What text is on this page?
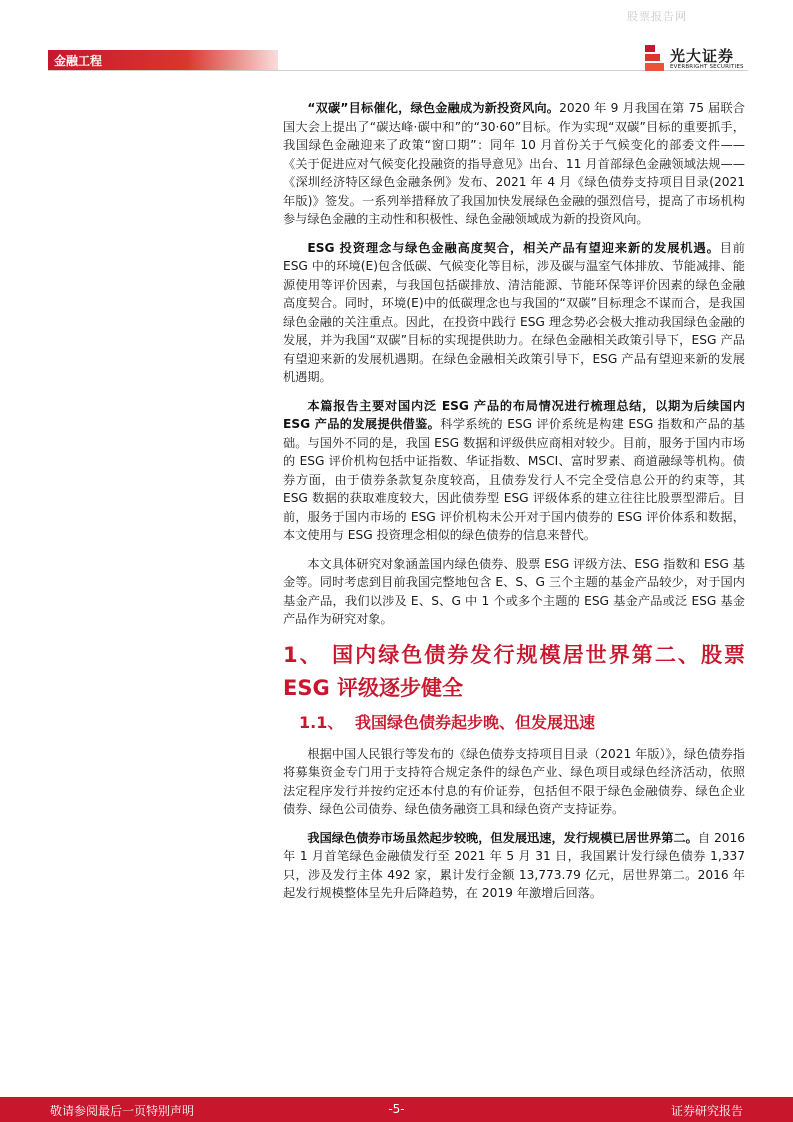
股票报告网
金融工程	光大证券
EVERBRIGHT SECURITIES

“双碳”目标催化，绿色金融成为新投资风向。2020 年 9 月我国在第 75 届联合国大会上提出了“碳达峰·碳中和”的“30·60”目标。作为实现“双碳”目标的重要抓手，我国绿色金融迎来了政策“窗口期”：同年 10 月首份关于气候变化的部委文件——《关于促进应对气候变化投融资的指导意见》出台、11 月首部绿色金融领域法规——《深圳经济特区绿色金融条例》发布、2021 年 4 月《绿色债券支持项目目录(2021 年版)》签发。一系列举措释放了我国加快发展绿色金融的强烈信号，提高了市场机构参与绿色金融的主动性和积极性、绿色金融领域成为新的投资风向。

ESG 投资理念与绿色金融高度契合，相关产品有望迎来新的发展机遇。目前 ESG 中的环境(E)包含低碳、气候变化等目标，涉及碳与温室气体排放、节能减排、能源使用等评价因素，与我国包括碳排放、清洁能源、节能环保等评价因素的绿色金融高度契合。同时，环境(E)中的低碳理念也与我国的“双碳”目标理念不谋而合，是我国绿色金融的关注重点。因此，在投资中践行 ESG 理念势必会极大推动我国绿色金融的发展，并为我国“双碳”目标的实现提供助力。在绿色金融相关政策引导下，ESG 产品有望迎来新的发展机遇期。在绿色金融相关政策引导下，ESG 产品有望迎来新的发展机遇期。

本篇报告主要对国内泛 ESG 产品的布局情况进行梳理总结，以期为后续国内 ESG 产品的发展提供借鉴。科学系统的 ESG 评价系统是构建 ESG 指数和产品的基础。与国外不同的是，我国 ESG 数据和评级供应商相对较少。目前，服务于国内市场的 ESG 评价机构包括中证指数、华证指数、MSCI、富时罗素、商道融绿等机构。债券方面，由于债券条款复杂度较高，且债券发行人不完全受信息公开的约束等，其 ESG 数据的获取难度较大，因此债券型 ESG 评级体系的建立往往比股票型滞后。目前，服务于国内市场的 ESG 评价机构未公开对于国内债券的 ESG 评价体系和数据，本文使用与 ESG 投资理念相似的绿色债券的信息来替代。

本文具体研究对象涵盖国内绿色债券、股票 ESG 评级方法、ESG 指数和 ESG 基金等。同时考虑到目前我国完整地包含 E、S、G 三个主题的基金产品较少，对于国内基金产品，我们以涉及 E、S、G 中 1 个或多个主题的 ESG 基金产品或泛 ESG 基金产品作为研究对象。

1、 国内绿色债券发行规模居世界第二、股票 ESG 评级逐步健全
1.1、 我国绿色债券起步晚、但发展迅速

根据中国人民银行等发布的《绿色债券支持项目目录（2021 年版）》，绿色债券指将募集资金专门用于支持符合规定条件的绿色产业、绿色项目或绿色经济活动，依照法定程序发行并按约定还本付息的有价证券，包括但不限于绿色金融债券、绿色企业债券、绿色公司债券、绿色债务融资工具和绿色资产支持证券。

我国绿色债券市场虽然起步较晚，但发展迅速，发行规模已居世界第二。自 2016 年 1 月首笔绿色金融债发行至 2021 年 5 月 31 日，我国累计发行绿色债券 1,337 只，涉及发行主体 492 家，累计发行金额 13,773.79 亿元，居世界第二。2016 年起发行规模整体呈先升后降趋势，在 2019 年激增后回落。

敬请参阅最后一页特别声明	-5-	证券研究报告
